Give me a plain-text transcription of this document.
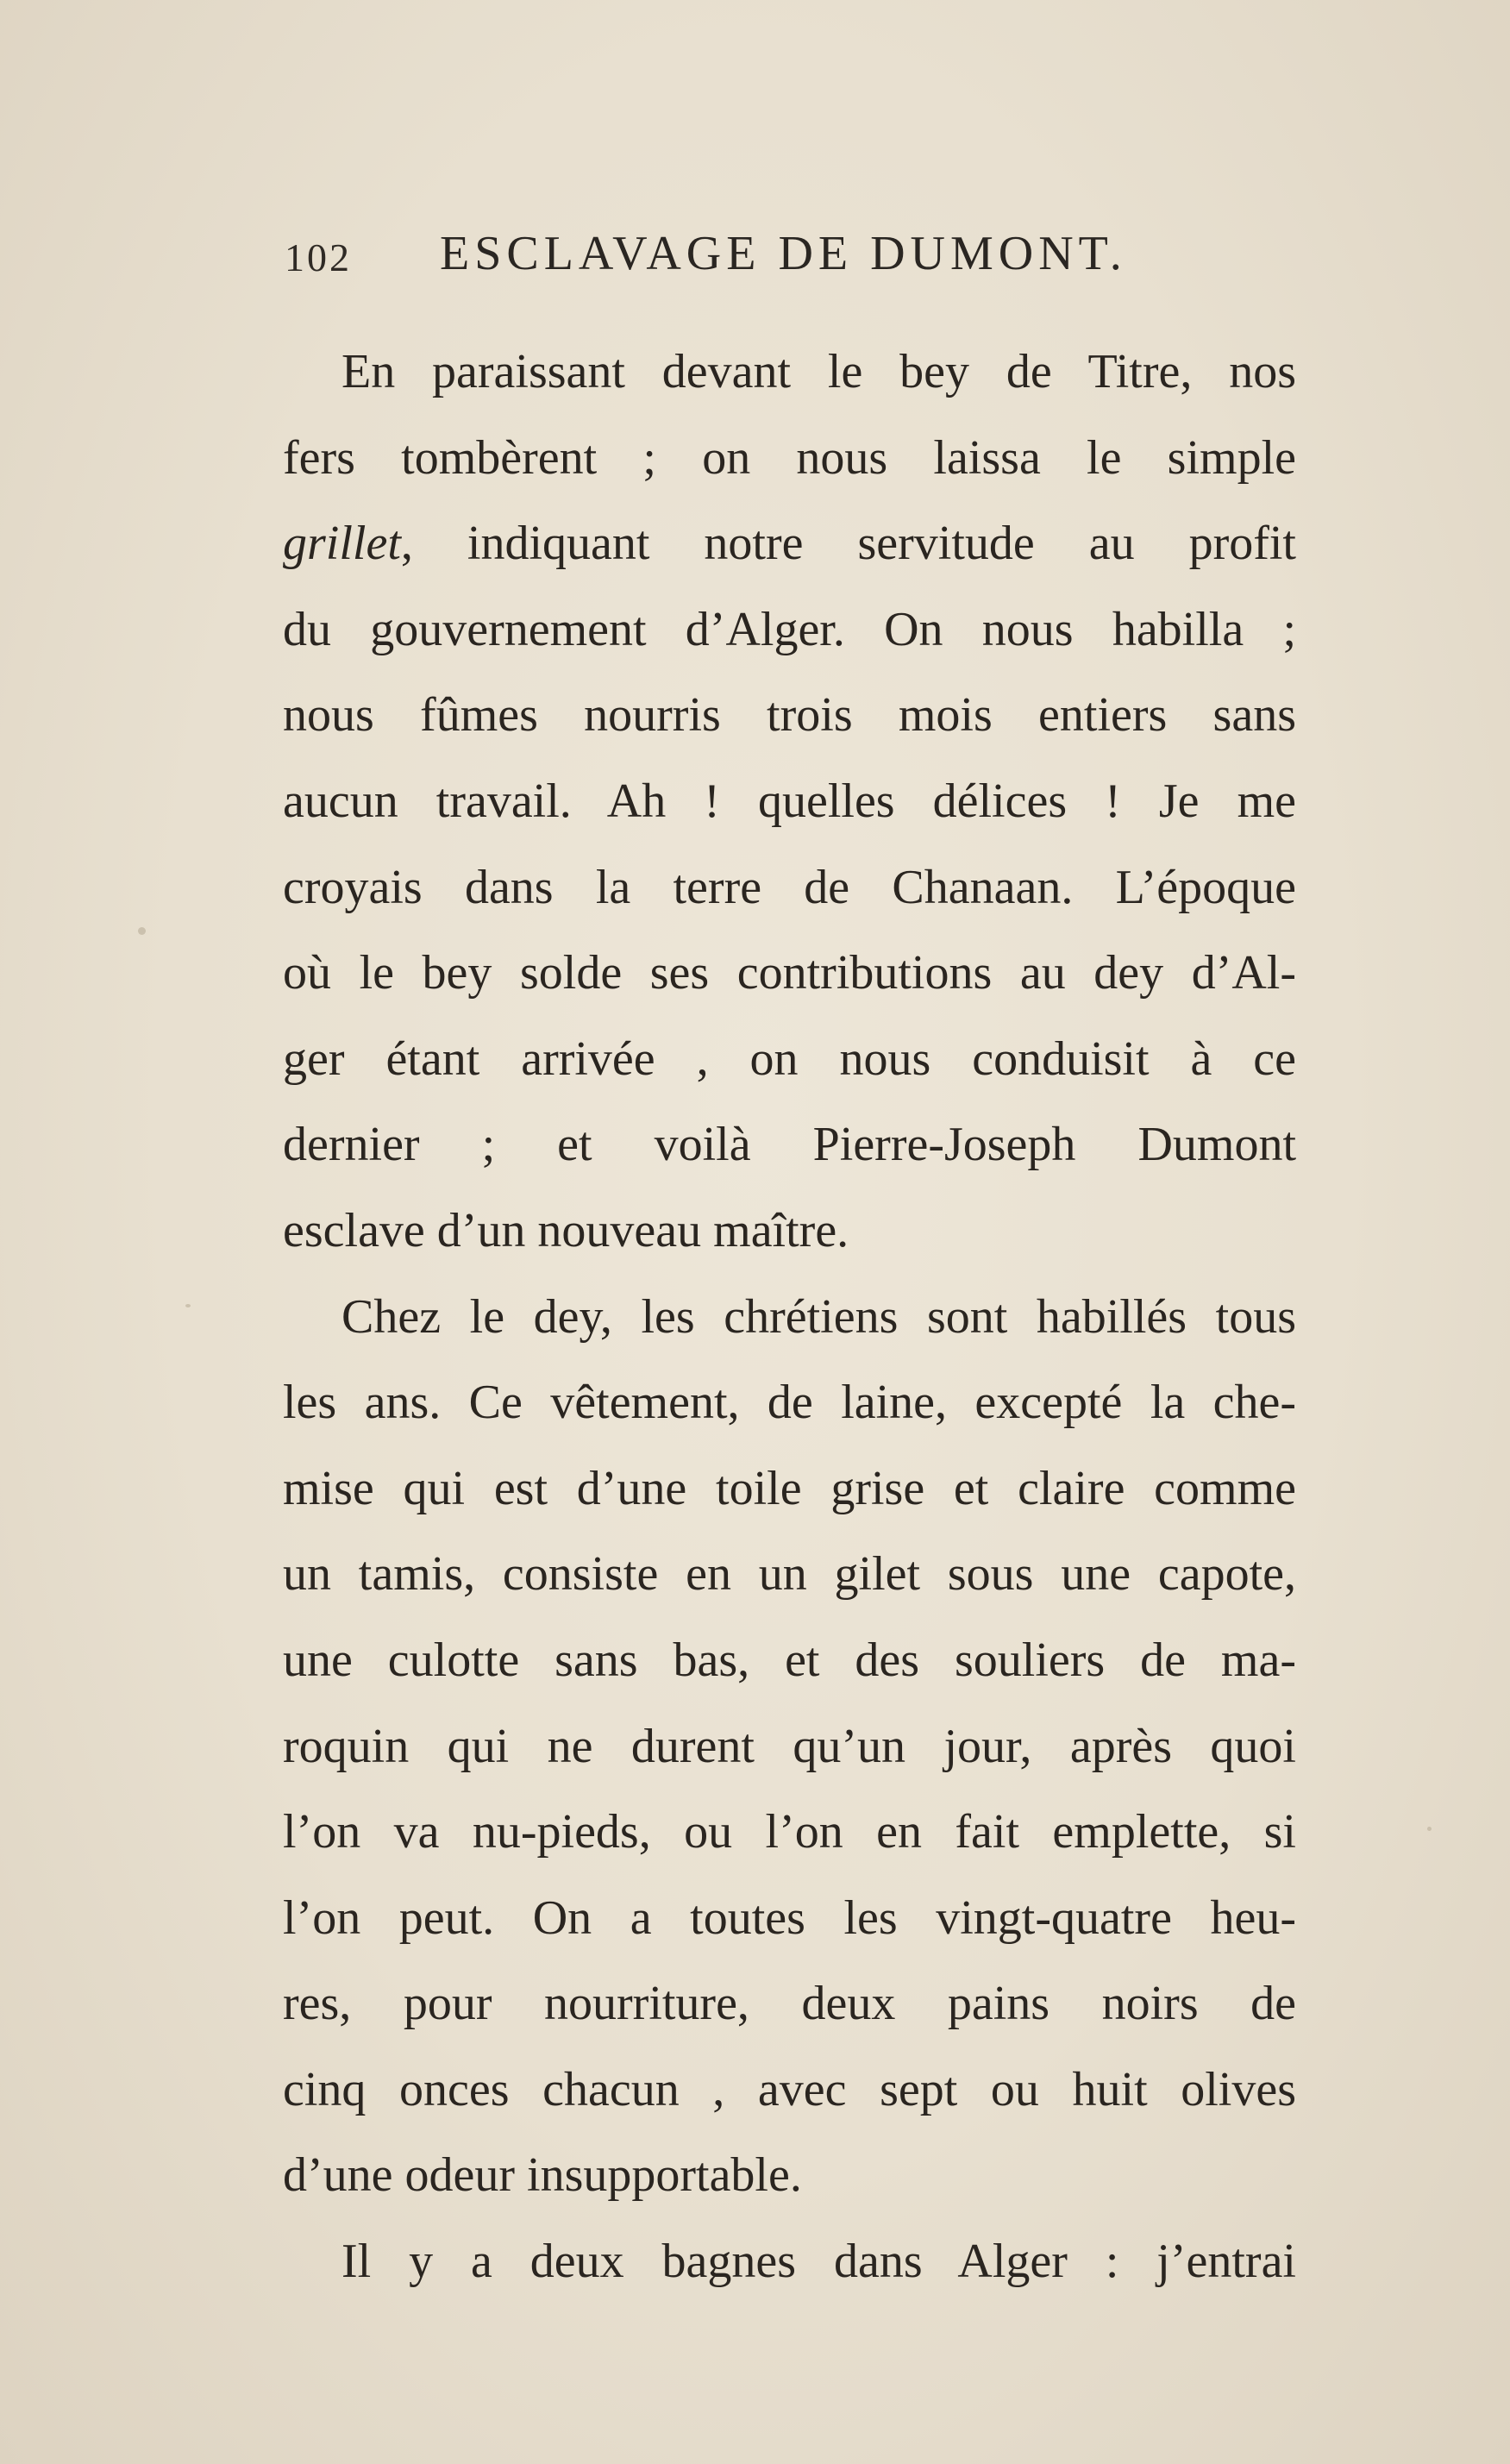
102 ESCLAVAGE DE DUMONT.
En paraissant devant le bey de Titre, nos
fers tombèrent ; on nous laissa le simple
grillet, indiquant notre servitude au profit
du gouvernement d’Alger. On nous habilla ;
nous fûmes nourris trois mois entiers sans
aucun travail. Ah ! quelles délices ! Je me
croyais dans la terre de Chanaan. L’époque
où le bey solde ses contributions au dey d’Al-
ger étant arrivée , on nous conduisit à ce
dernier ; et voilà Pierre-Joseph Dumont
esclave d’un nouveau maître.
Chez le dey, les chrétiens sont habillés tous
les ans. Ce vêtement, de laine, excepté la che-
mise qui est d’une toile grise et claire comme
un tamis, consiste en un gilet sous une capote,
une culotte sans bas, et des souliers de ma-
roquin qui ne durent qu’un jour, après quoi
l’on va nu-pieds, ou l’on en fait emplette, si
l’on peut. On a toutes les vingt-quatre heu-
res, pour nourriture, deux pains noirs de
cinq onces chacun , avec sept ou huit olives
d’une odeur insupportable.
Il y a deux bagnes dans Alger : j’entrai
